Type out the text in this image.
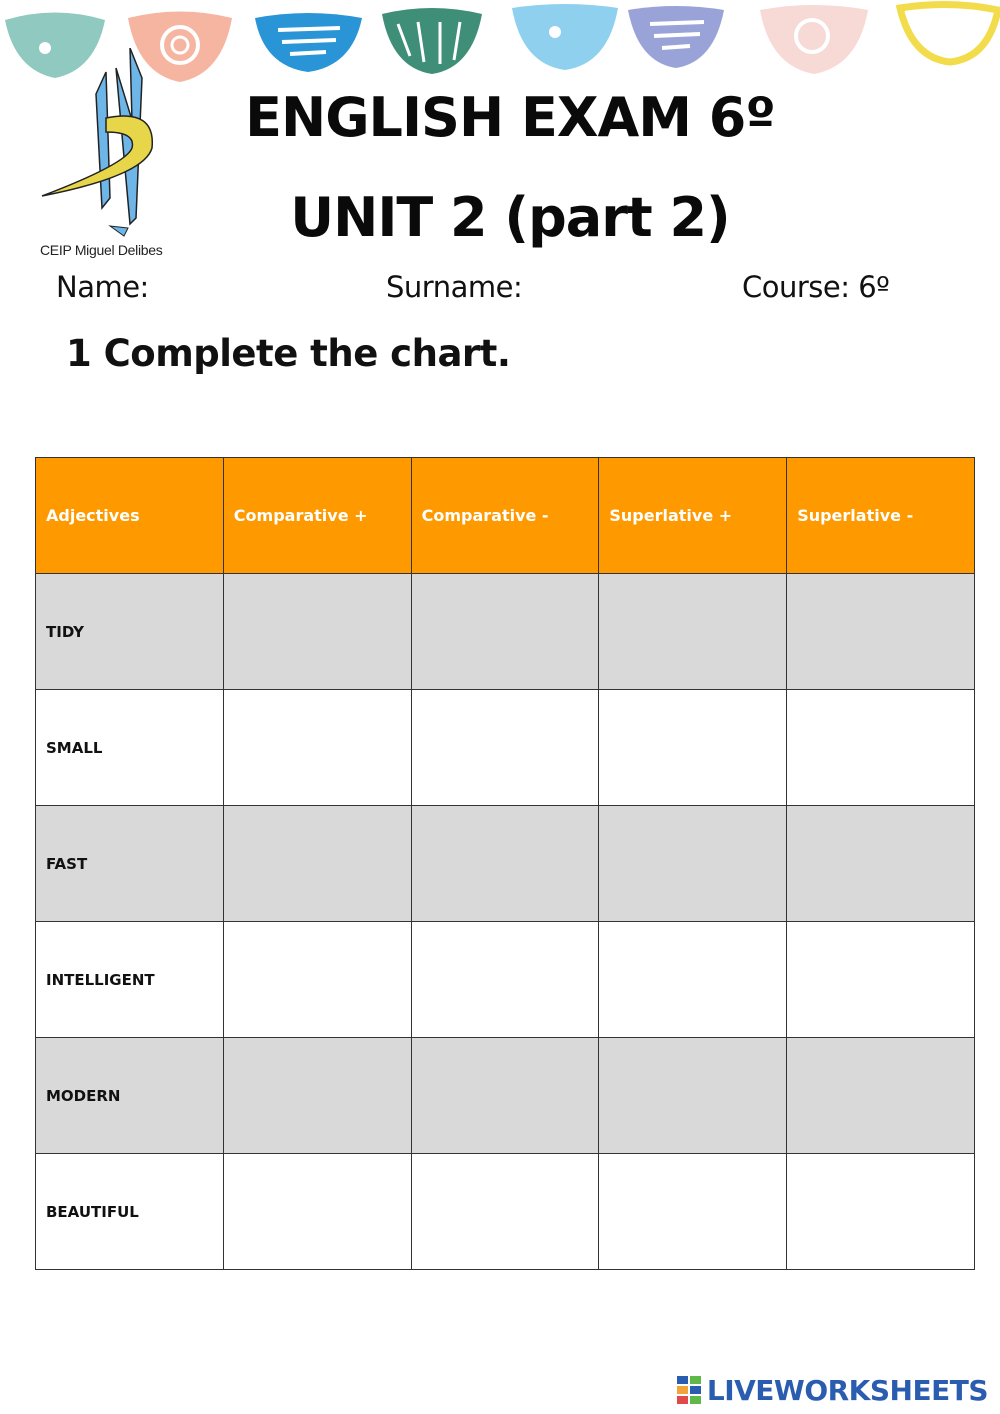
CEIP Miguel Delibes
ENGLISH EXAM 6º
UNIT 2 (part 2)
Name:	Surname:	Course: 6º
1 Complete the chart.
Adjectives	Comparative +	Comparative -	Superlative +	Superlative -
TIDY				
SMALL				
FAST				
INTELLIGENT				
MODERN				
BEAUTIFUL				
LIVEWORKSHEETS
